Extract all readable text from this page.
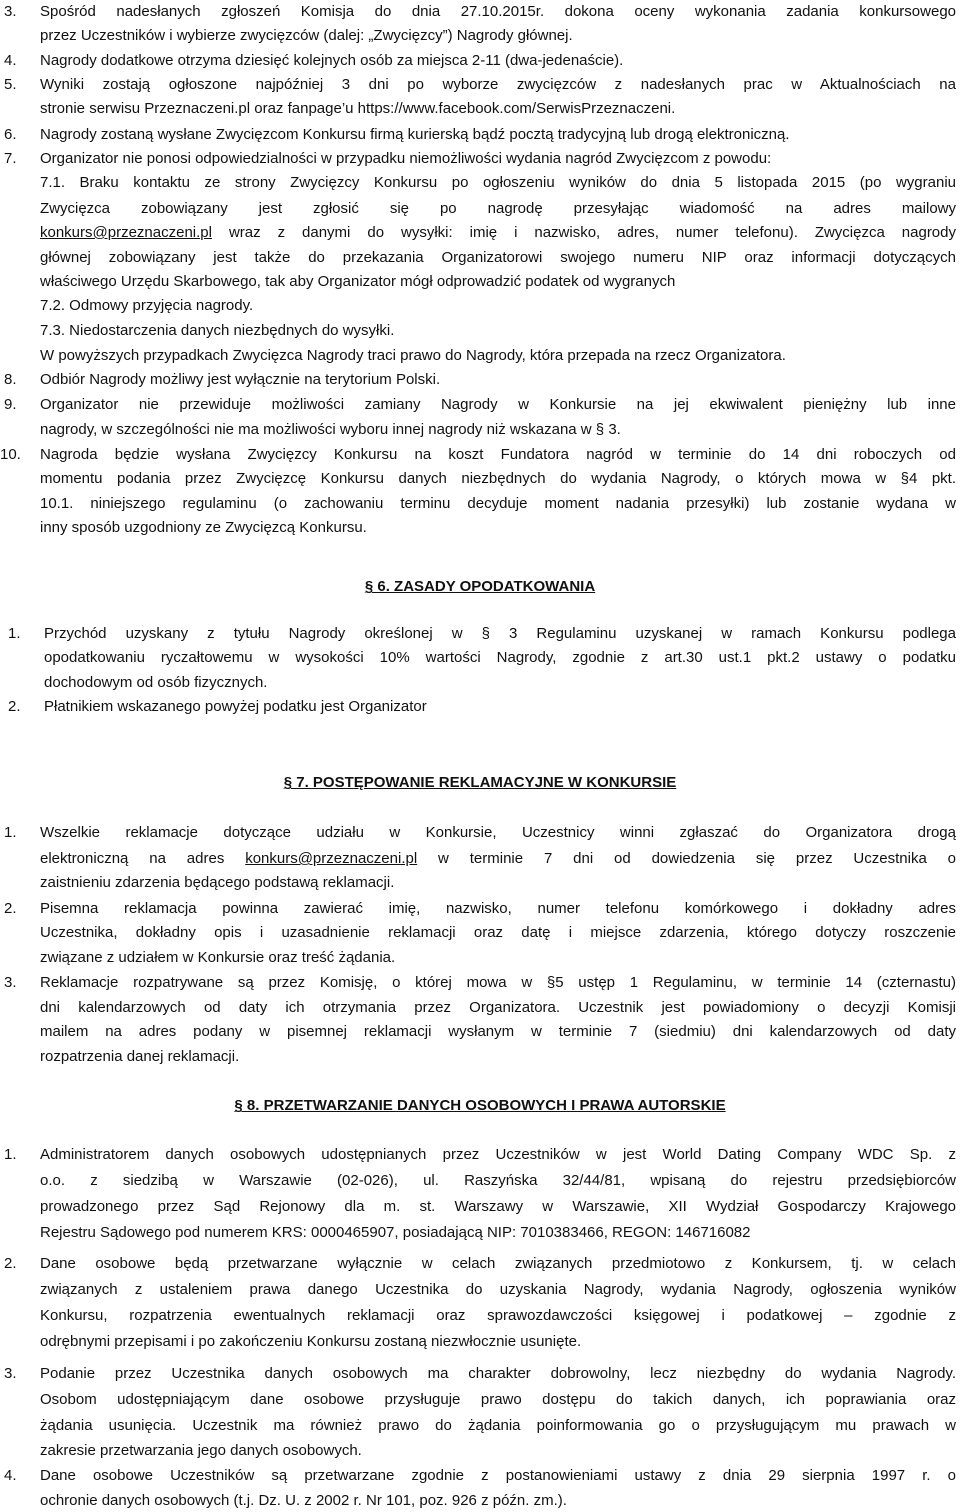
3. Spośród nadesłanych zgłoszeń Komisja do dnia 27.10.2015r. dokona oceny wykonania zadania konkursowego
przez Uczestników i wybierze zwycięzców (dalej: „Zwycięzcy”) Nagrody głównej.
4. Nagrody dodatkowe otrzyma dziesięć kolejnych osób za miejsca 2-11 (dwa-jedenaście).
5. Wyniki zostają ogłoszone najpóźniej 3 dni po wyborze zwycięzców z nadesłanych prac w Aktualnościach na
stronie serwisu Przeznaczeni.pl oraz fanpage’u https://www.facebook.com/SerwisPrzeznaczeni.
6. Nagrody zostaną wysłane Zwycięzcom Konkursu firmą kurierską bądź pocztą tradycyjną lub drogą elektroniczną.
7. Organizator nie ponosi odpowiedzialności w przypadku niemożliwości wydania nagród Zwycięzcom z powodu:
7.1. Braku kontaktu ze strony Zwycięzcy Konkursu po ogłoszeniu wyników do dnia 5 listopada 2015 (po wygraniu
Zwycięzca zobowiązany jest zgłosić się po nagrodę przesyłając wiadomość na adres mailowy
konkurs@przeznaczeni.pl wraz z danymi do wysyłki: imię i nazwisko, adres, numer telefonu). Zwycięzca nagrody
głównej zobowiązany jest także do przekazania Organizatorowi swojego numeru NIP oraz informacji dotyczących
właściwego Urzędu Skarbowego, tak aby Organizator mógł odprowadzić podatek od wygranych
7.2. Odmowy przyjęcia nagrody.
7.3. Niedostarczenia danych niezbędnych do wysyłki.
W powyższych przypadkach Zwycięzca Nagrody traci prawo do Nagrody, która przepada na rzecz Organizatora.
8. Odbiór Nagrody możliwy jest wyłącznie na terytorium Polski.
9. Organizator nie przewiduje możliwości zamiany Nagrody w Konkursie na jej ekwiwalent pieniężny lub inne
nagrody, w szczególności nie ma możliwości wyboru innej nagrody niż wskazana w § 3.
10. Nagroda będzie wysłana Zwycięzcy Konkursu na koszt Fundatora nagród w terminie do 14 dni roboczych od
momentu podania przez Zwycięzcę Konkursu danych niezbędnych do wydania Nagrody, o których mowa w §4 pkt.
10.1. niniejszego regulaminu (o zachowaniu terminu decyduje moment nadania przesyłki) lub zostanie wydana w
inny sposób uzgodniony ze Zwycięzcą Konkursu.
§ 6. ZASADY OPODATKOWANIA
1. Przychód uzyskany z tytułu Nagrody określonej w § 3 Regulaminu uzyskanej w ramach Konkursu podlega
opodatkowaniu ryczałtowemu w wysokości 10% wartości Nagrody, zgodnie z art.30 ust.1 pkt.2 ustawy o podatku
dochodowym od osób fizycznych.
2. Płatnikiem wskazanego powyżej podatku jest Organizator
§ 7. POSTĘPOWANIE REKLAMACYJNE W KONKURSIE
1. Wszelkie reklamacje dotyczące udziału w Konkursie, Uczestnicy winni zgłaszać do Organizatora drogą
elektroniczną na adres konkurs@przeznaczeni.pl w terminie 7 dni od dowiedzenia się przez Uczestnika o
zaistnieniu zdarzenia będącego podstawą reklamacji.
2. Pisemna reklamacja powinna zawierać imię, nazwisko, numer telefonu komórkowego i dokładny adres
Uczestnika, dokładny opis i uzasadnienie reklamacji oraz datę i miejsce zdarzenia, którego dotyczy roszczenie
związane z udziałem w Konkursie oraz treść żądania.
3. Reklamacje rozpatrywane są przez Komisję, o której mowa w §5 ustęp 1 Regulaminu, w terminie 14 (czternastu)
dni kalendarzowych od daty ich otrzymania przez Organizatora. Uczestnik jest powiadomiony o decyzji Komisji
mailem na adres podany w pisemnej reklamacji wysłanym w terminie 7 (siedmiu) dni kalendarzowych od daty
rozpatrzenia danej reklamacji.
§ 8. PRZETWARZANIE DANYCH OSOBOWYCH I PRAWA AUTORSKIE
1. Administratorem danych osobowych udostępnianych przez Uczestników w jest World Dating Company WDC Sp. z
o.o. z siedzibą w Warszawie (02-026), ul. Raszyńska 32/44/81, wpisaną do rejestru przedsiębiorców
prowadzonego przez Sąd Rejonowy dla m. st. Warszawy w Warszawie, XII Wydział Gospodarczy Krajowego
Rejestru Sądowego pod numerem KRS: 0000465907, posiadającą NIP: 7010383466, REGON: 146716082
2. Dane osobowe będą przetwarzane wyłącznie w celach związanych przedmiotowo z Konkursem, tj. w celach
związanych z ustaleniem prawa danego Uczestnika do uzyskania Nagrody, wydania Nagrody, ogłoszenia wyników
Konkursu, rozpatrzenia ewentualnych reklamacji oraz sprawozdawczości księgowej i podatkowej – zgodnie z
odrębnymi przepisami i po zakończeniu Konkursu zostaną niezwłocznie usunięte.
3. Podanie przez Uczestnika danych osobowych ma charakter dobrowolny, lecz niezbędny do wydania Nagrody.
Osobom udostępniającym dane osobowe przysługuje prawo dostępu do takich danych, ich poprawiania oraz
żądania usunięcia. Uczestnik ma również prawo do żądania poinformowania go o przysługującym mu prawach w
zakresie przetwarzania jego danych osobowych.
4. Dane osobowe Uczestników są przetwarzane zgodnie z postanowieniami ustawy z dnia 29 sierpnia 1997 r. o
ochronie danych osobowych (t.j. Dz. U. z 2002 r. Nr 101, poz. 926 z późn. zm.).
